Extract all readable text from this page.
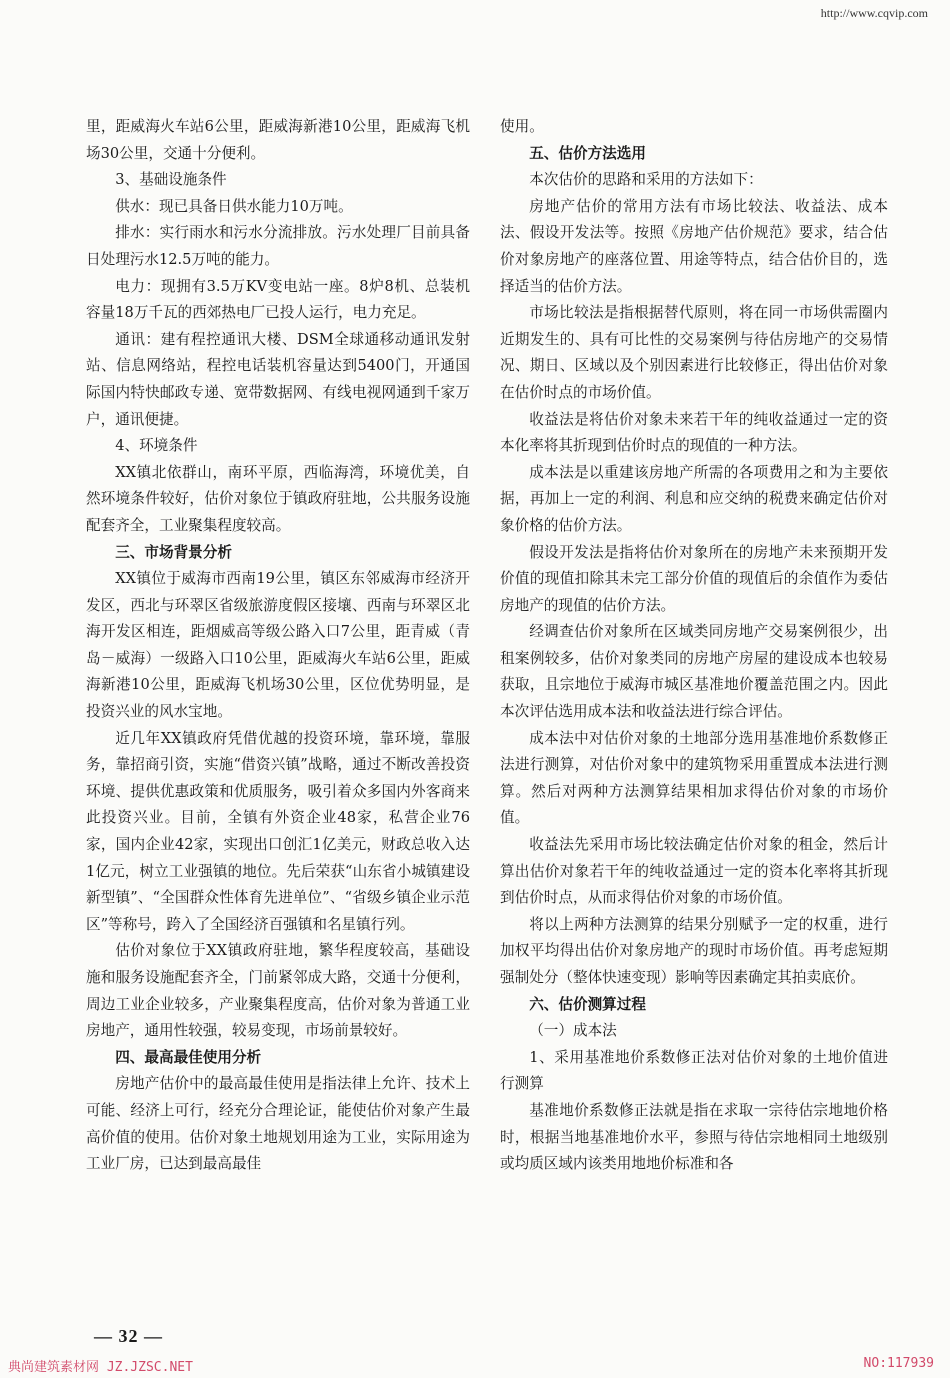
http://www.cqvip.com

里，距威海火车站6公里，距威海新港10公里，距威海飞机场30公里，交通十分便利。

3、基础设施条件

供水：现已具备日供水能力10万吨。

排水：实行雨水和污水分流排放。污水处理厂目前具备日处理污水12.5万吨的能力。

电力：现拥有3.5万KV变电站一座。8炉8机、总装机容量18万千瓦的西郊热电厂已投人运行，电力充足。

通讯：建有程控通讯大楼、DSM全球通移动通讯发射站、信息网络站，程控电话装机容量达到5400门，开通国际国内特快邮政专递、宽带数据网、有线电视网通到千家万户，通讯便捷。

4、环境条件

XX镇北依群山，南环平原，西临海湾，环境优美，自然环境条件较好，估价对象位于镇政府驻地，公共服务设施配套齐全，工业聚集程度较高。

三、市场背景分析

XX镇位于威海市西南19公里，镇区东邻威海市经济开发区，西北与环翠区省级旅游度假区接壤、西南与环翠区北海开发区相连，距烟威高等级公路入口7公里，距青威（青岛－威海）一级路入口10公里，距威海火车站6公里，距威海新港10公里，距威海飞机场30公里，区位优势明显，是投资兴业的风水宝地。

近几年XX镇政府凭借优越的投资环境，靠环境，靠服务，靠招商引资，实施“借资兴镇”战略，通过不断改善投资环境、提供优惠政策和优质服务，吸引着众多国内外客商来此投资兴业。目前，全镇有外资企业48家，私营企业76家，国内企业42家，实现出口创汇1亿美元，财政总收入达1亿元，树立工业强镇的地位。先后荣获“山东省小城镇建设新型镇”、“全国群众性体育先进单位”、“省级乡镇企业示范区”等称号，跨入了全国经济百强镇和名星镇行列。

估价对象位于XX镇政府驻地，繁华程度较高，基础设施和服务设施配套齐全，门前紧邻成大路，交通十分便利，周边工业企业较多，产业聚集程度高，估价对象为普通工业房地产，通用性较强，较易变现，市场前景较好。

四、最高最佳使用分析

房地产估价中的最高最佳使用是指法律上允许、技术上可能、经济上可行，经充分合理论证，能使估价对象产生最高价值的使用。估价对象土地规划用途为工业，实际用途为工业厂房，已达到最高最佳

使用。

五、估价方法选用

本次估价的思路和采用的方法如下：

房地产估价的常用方法有市场比较法、收益法、成本法、假设开发法等。按照《房地产估价规范》要求，结合估价对象房地产的座落位置、用途等特点，结合估价目的，选择适当的估价方法。

市场比较法是指根据替代原则，将在同一市场供需圈内近期发生的、具有可比性的交易案例与待估房地产的交易情况、期日、区域以及个别因素进行比较修正，得出估价对象在估价时点的市场价值。

收益法是将估价对象未来若干年的纯收益通过一定的资本化率将其折现到估价时点的现值的一种方法。

成本法是以重建该房地产所需的各项费用之和为主要依据，再加上一定的利润、利息和应交纳的税费来确定估价对象价格的估价方法。

假设开发法是指将估价对象所在的房地产未来预期开发价值的现值扣除其未完工部分价值的现值后的余值作为委估房地产的现值的估价方法。

经调查估价对象所在区域类同房地产交易案例很少，出租案例较多，估价对象类同的房地产房屋的建设成本也较易获取，且宗地位于威海市城区基准地价覆盖范围之内。因此本次评估选用成本法和收益法进行综合评估。

成本法中对估价对象的土地部分选用基准地价系数修正法进行测算，对估价对象中的建筑物采用重置成本法进行测算。然后对两种方法测算结果相加求得估价对象的市场价值。

收益法先采用市场比较法确定估价对象的租金，然后计算出估价对象若干年的纯收益通过一定的资本化率将其折现到估价时点，从而求得估价对象的市场价值。

将以上两种方法测算的结果分别赋予一定的权重，进行加权平均得出估价对象房地产的现时市场价值。再考虑短期强制处分（整体快速变现）影响等因素确定其拍卖底价。

六、估价测算过程

（一）成本法

1、采用基准地价系数修正法对估价对象的土地价值进行测算

基准地价系数修正法就是指在求取一宗待估宗地地价格时，根据当地基准地价水平，参照与待估宗地相同土地级别或均质区域内该类用地地价标准和各

— 32 —
典尚建筑素材网 JZ.JZSC.NET	NO:117939
